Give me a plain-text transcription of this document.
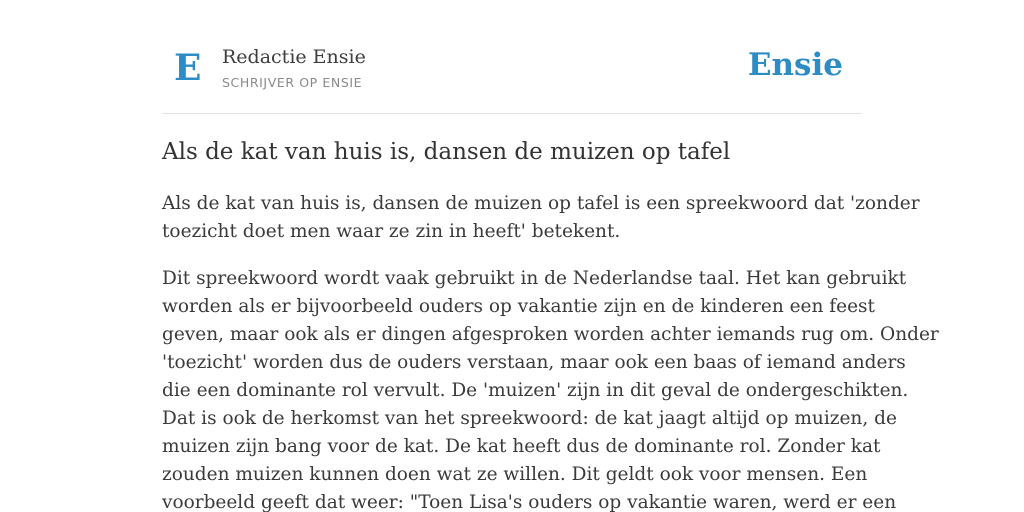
E Redactie Ensie
SCHRIJVER OP ENSIE	Ensie
Als de kat van huis is, dansen de muizen op tafel

Als de kat van huis is, dansen de muizen op tafel is een spreekwoord dat 'zonder
toezicht doet men waar ze zin in heeft' betekent.

Dit spreekwoord wordt vaak gebruikt in de Nederlandse taal. Het kan gebruikt
worden als er bijvoorbeeld ouders op vakantie zijn en de kinderen een feest
geven, maar ook als er dingen afgesproken worden achter iemands rug om. Onder
'toezicht' worden dus de ouders verstaan, maar ook een baas of iemand anders
die een dominante rol vervult. De 'muizen' zijn in dit geval de ondergeschikten.
Dat is ook de herkomst van het spreekwoord: de kat jaagt altijd op muizen, de
muizen zijn bang voor de kat. De kat heeft dus de dominante rol. Zonder kat
zouden muizen kunnen doen wat ze willen. Dit geldt ook voor mensen. Een
voorbeeld geeft dat weer: "Toen Lisa's ouders op vakantie waren, werd er een
